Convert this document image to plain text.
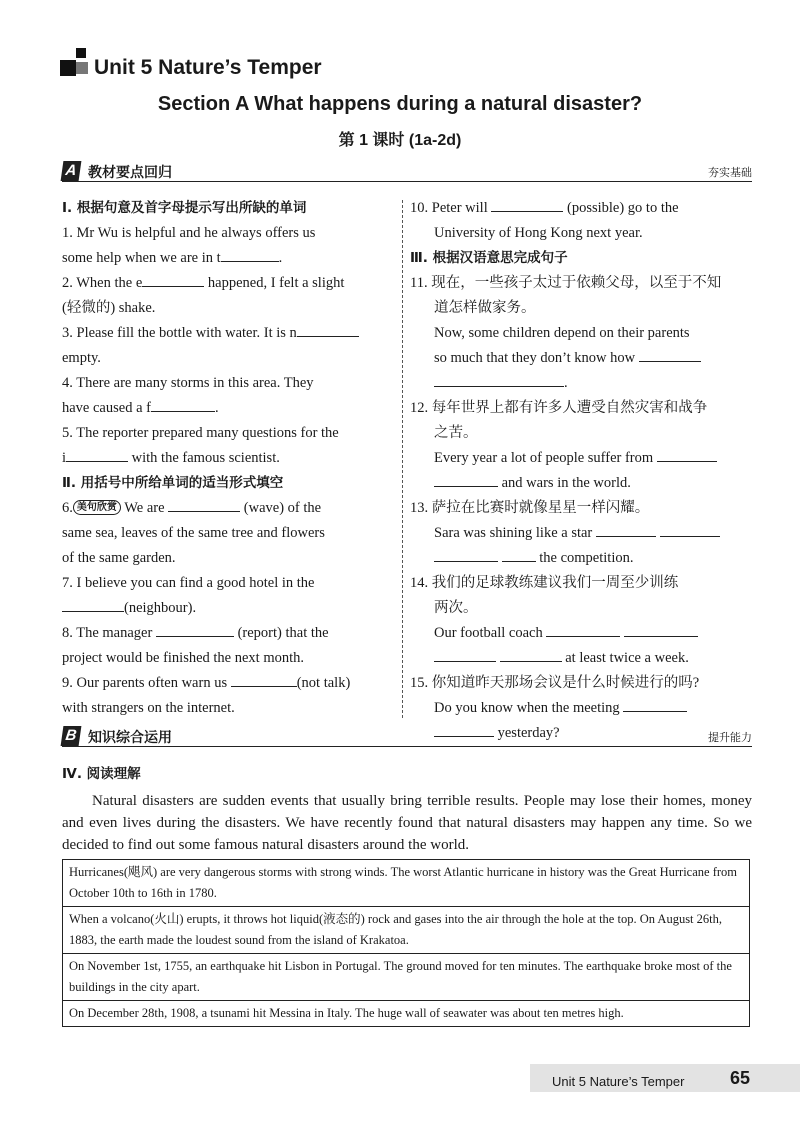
Unit 5 Nature’s Temper
Section A What happens during a natural disaster?
第 1 课时 (1a-2d)
A 教材要点回归	夯实基础
Ⅰ. 根据句意及首字母提示写出所缺的单词
1. Mr Wu is helpful and he always offers us
some help when we are in t	.
2. When the e	happened, I felt a slight
(轻微的) shake.
3. Please fill the bottle with water. It is n
empty.
4. There are many storms in this area. They
have caused a f	.
5. The reporter prepared many questions for the
i	with the famous scientist.
Ⅱ. 用括号中所给单词的适当形式填空
6. 美句欣赏 We are	(wave) of the
same sea, leaves of the same tree and flowers
of the same garden.
7. I believe you can find a good hotel in the
(neighbour).
8. The manager	(report) that the
project would be finished the next month.
9. Our parents often warn us	(not talk)
with strangers on the internet.
10. Peter will	(possible) go to the
University of Hong Kong next year.
Ⅲ. 根据汉语意思完成句子
11. 现在，一些孩子太过于依赖父母，以至于不知
道怎样做家务。
Now, some children depend on their parents
so much that they don’t know how
.
12. 每年世界上都有许多人遭受自然灾害和战争
之苦。
Every year a lot of people suffer from
and wars in the world.
13. 萨拉在比赛时就像星星一样闪耀。
Sara was shining like a star
the competition.
14. 我们的足球教练建议我们一周至少训练
两次。
Our football coach
at least twice a week.
15. 你知道昨天那场会议是什么时候进行的吗?
Do you know when the meeting
yesterday?
B 知识综合运用	提升能力
Ⅳ. 阅读理解
Natural disasters are sudden events that usually bring terrible results. People may lose their homes, money and even lives during the disasters. We have recently found that natural disasters may happen any time. So we decided to find out some famous natural disasters around the world.
Hurricanes(飓风) are very dangerous storms with strong winds. The worst Atlantic hurricane in history was the Great Hurricane from October 10th to 16th in 1780.
When a volcano(火山) erupts, it throws hot liquid(液态的) rock and gases into the air through the hole at the top. On August 26th, 1883, the earth made the loudest sound from the island of Krakatoa.
On November 1st, 1755, an earthquake hit Lisbon in Portugal. The ground moved for ten minutes. The earthquake broke most of the buildings in the city apart.
On December 28th, 1908, a tsunami hit Messina in Italy. The huge wall of seawater was about ten metres high.
Unit 5 Nature’s Temper	65
